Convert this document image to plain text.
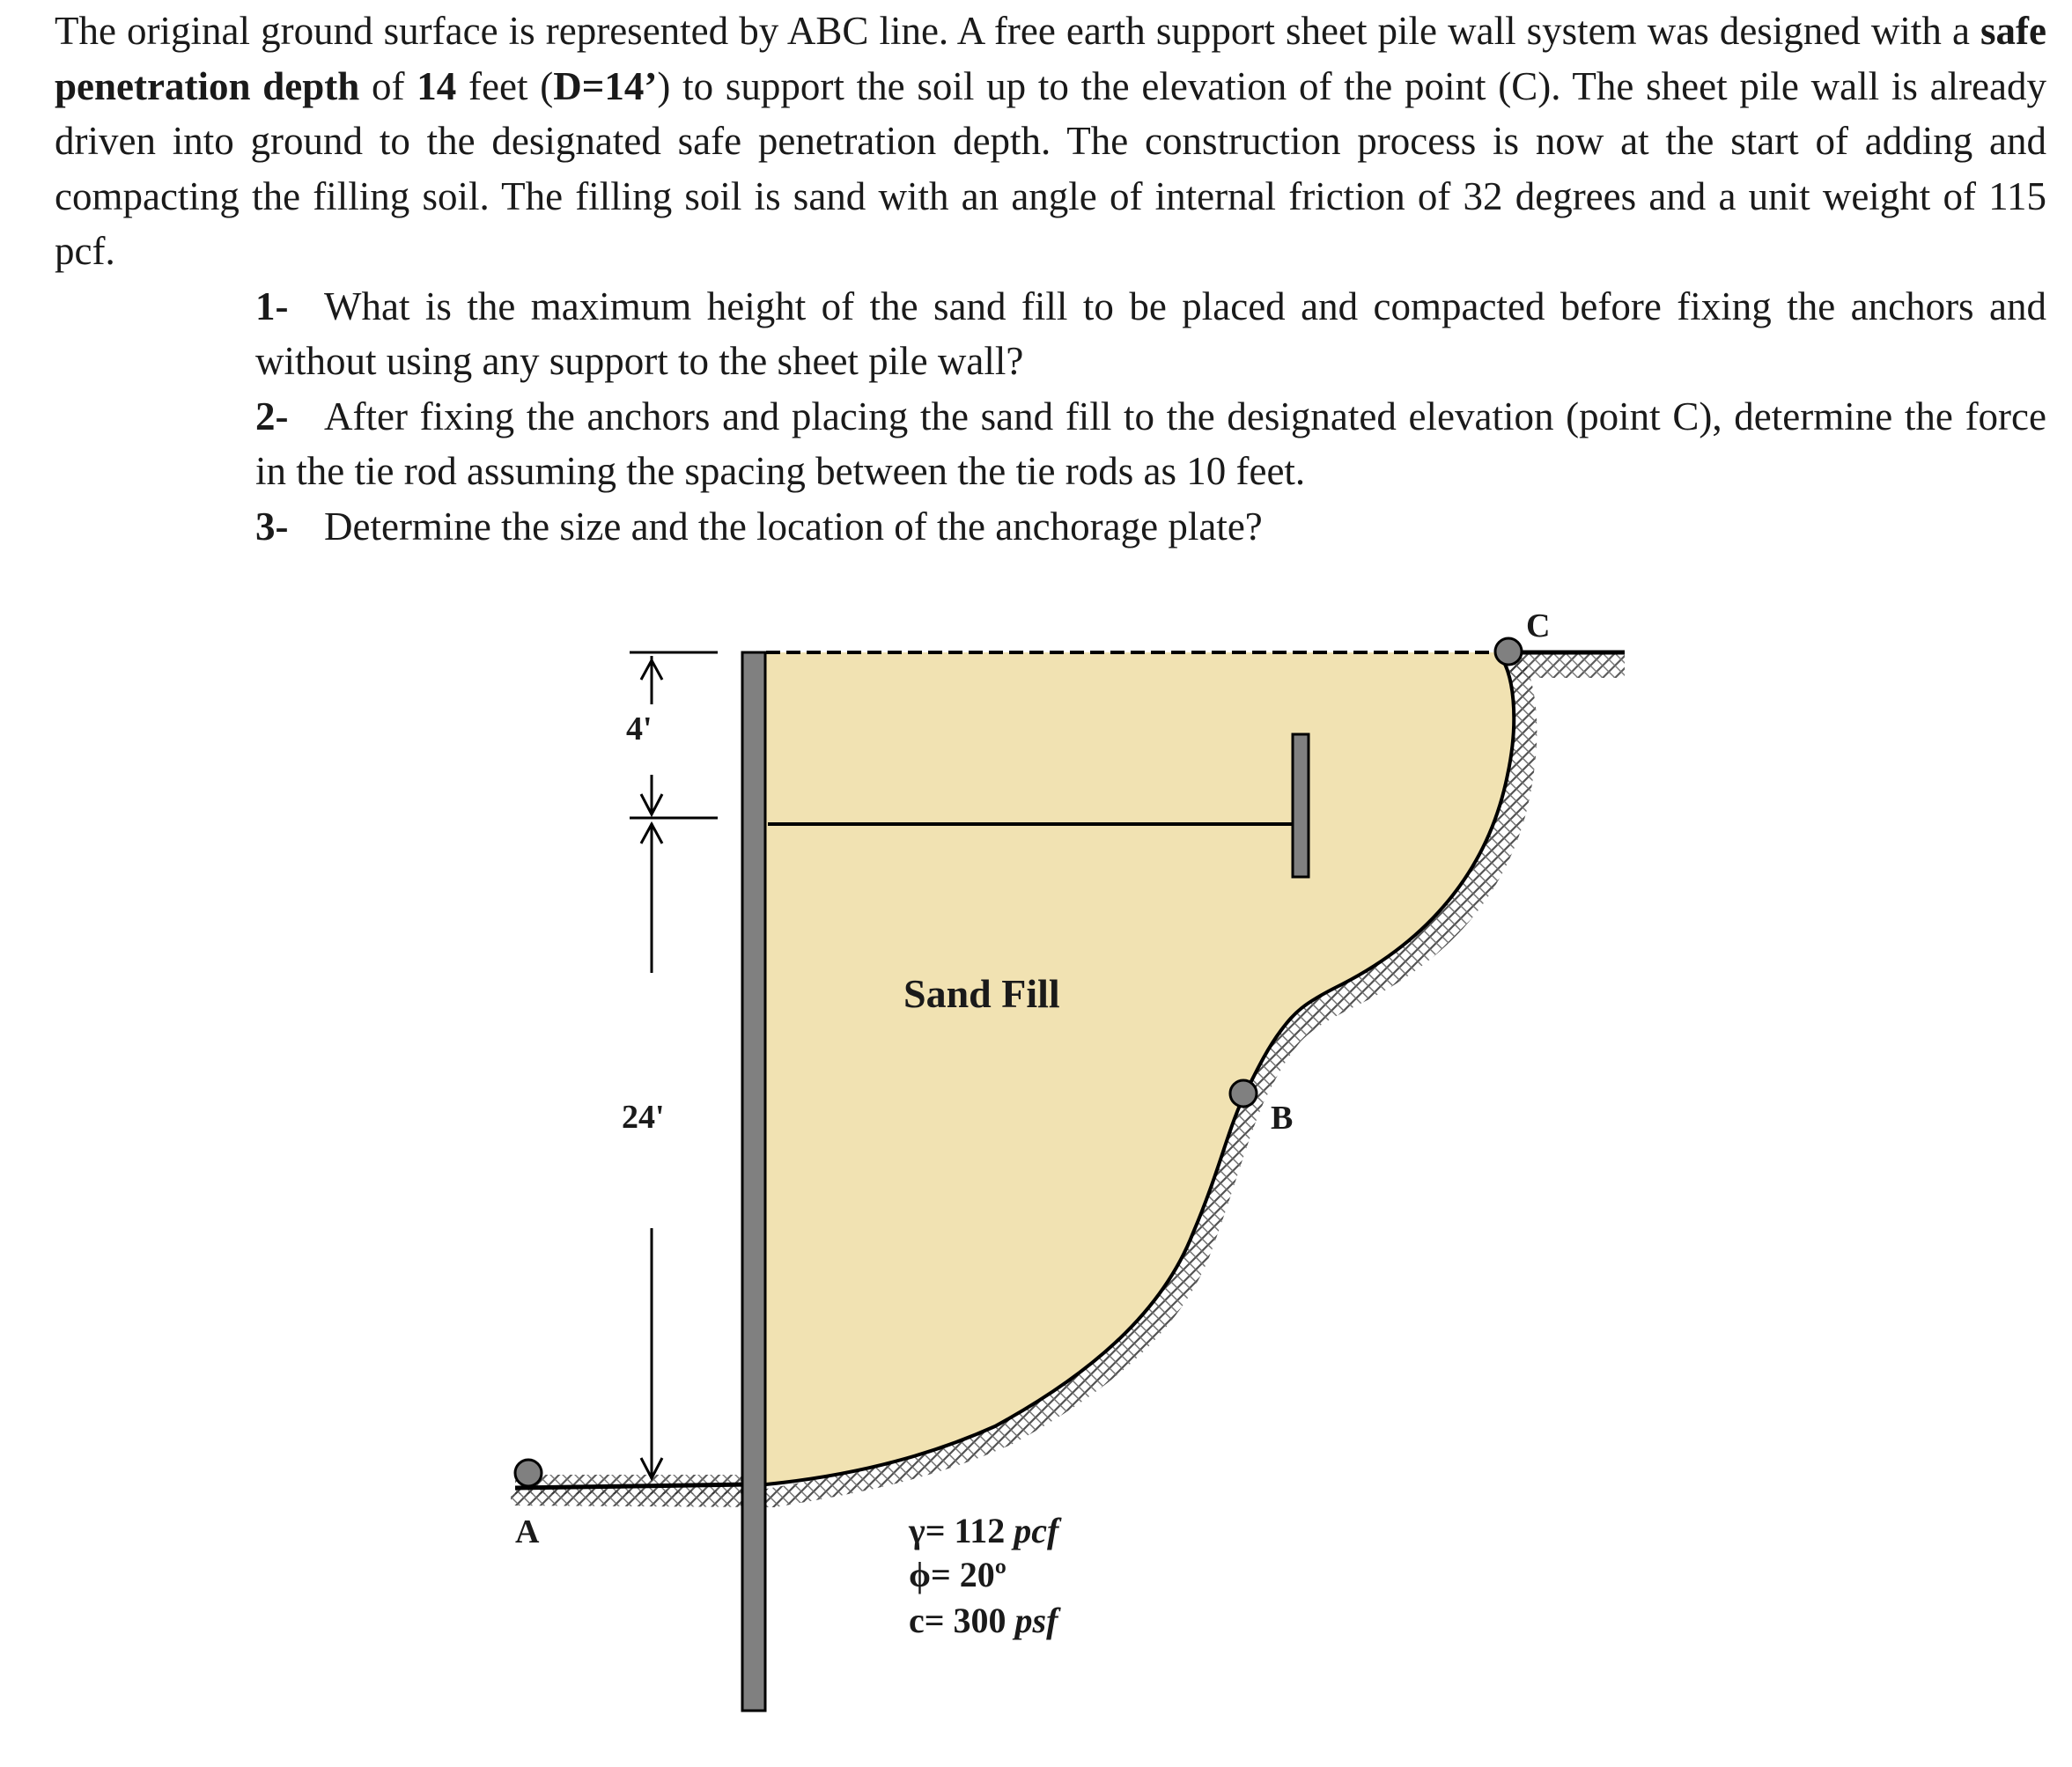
The original ground surface is represented by ABC line. A free earth support sheet pile wall system was designed with a safe penetration depth of 14 feet (D=14’) to support the soil up to the elevation of the point (C). The sheet pile wall is already driven into ground to the designated safe penetration depth. The construction process is now at the start of adding and compacting the filling soil. The filling soil is sand with an angle of internal friction of 32 degrees and a unit weight of 115 pcf.

1- What is the maximum height of the sand fill to be placed and compacted before fixing the anchors and without using any support to the sheet pile wall?
2- After fixing the anchors and placing the sand fill to the designated elevation (point C), determine the force in the tie rod assuming the spacing between the tie rods as 10 feet.
3- Determine the size and the location of the anchorage plate?
4'
24'
A
B
C
Sand Fill
γ= 112 pcf
ϕ= 20º
c= 300 psf
